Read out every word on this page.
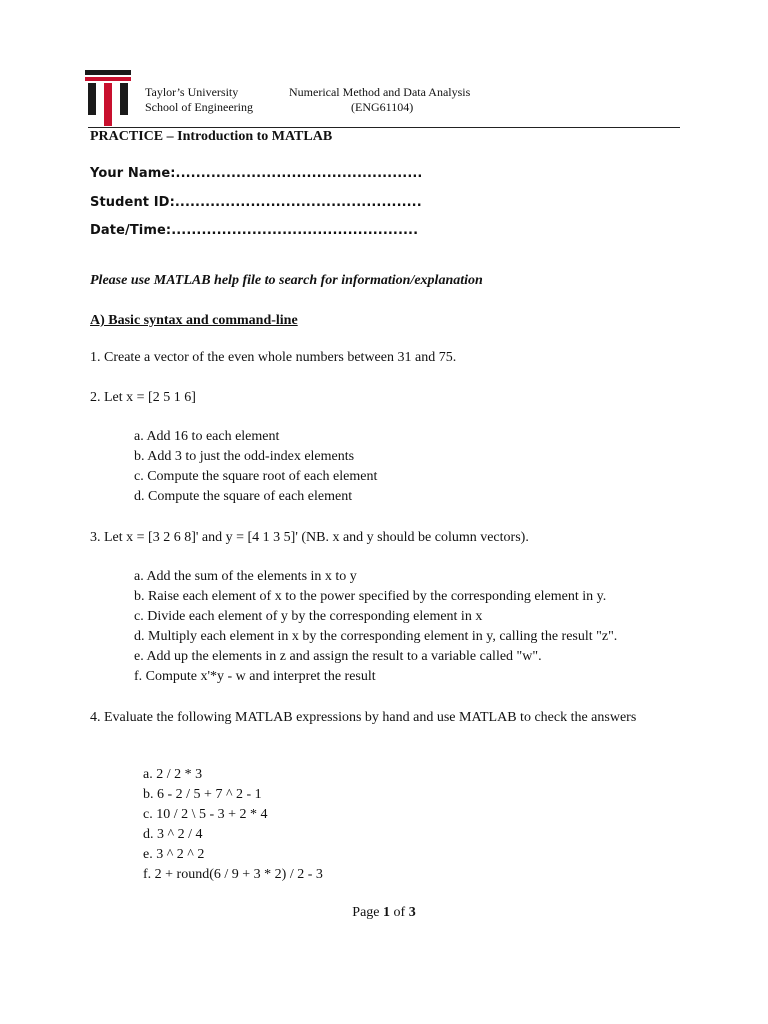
Taylor’s University
School of Engineering
Numerical Method and Data Analysis
(ENG61104)
PRACTICE – Introduction to MATLAB
Your Name:.................................................
Student ID:.................................................
Date/Time:.................................................
Please use MATLAB help file to search for information/explanation
A) Basic syntax and command-line
1. Create a vector of the even whole numbers between 31 and 75.
2. Let x = [2 5 1 6]
a. Add 16 to each element
b. Add 3 to just the odd-index elements
c. Compute the square root of each element
d. Compute the square of each element
3. Let x = [3 2 6 8]' and y = [4 1 3 5]' (NB. x and y should be column vectors).
a. Add the sum of the elements in x to y
b. Raise each element of x to the power specified by the corresponding element in y.
c. Divide each element of y by the corresponding element in x
d. Multiply each element in x by the corresponding element in y, calling the result "z".
e. Add up the elements in z and assign the result to a variable called "w".
f. Compute x'*y - w and interpret the result
4. Evaluate the following MATLAB expressions by hand and use MATLAB to check the answers
a. 2 / 2 * 3
b. 6 - 2 / 5 + 7 ^ 2 - 1
c. 10 / 2 \ 5 - 3 + 2 * 4
d. 3 ^ 2 / 4
e. 3 ^ 2 ^ 2
f. 2 + round(6 / 9 + 3 * 2) / 2 - 3
Page 1 of 3
